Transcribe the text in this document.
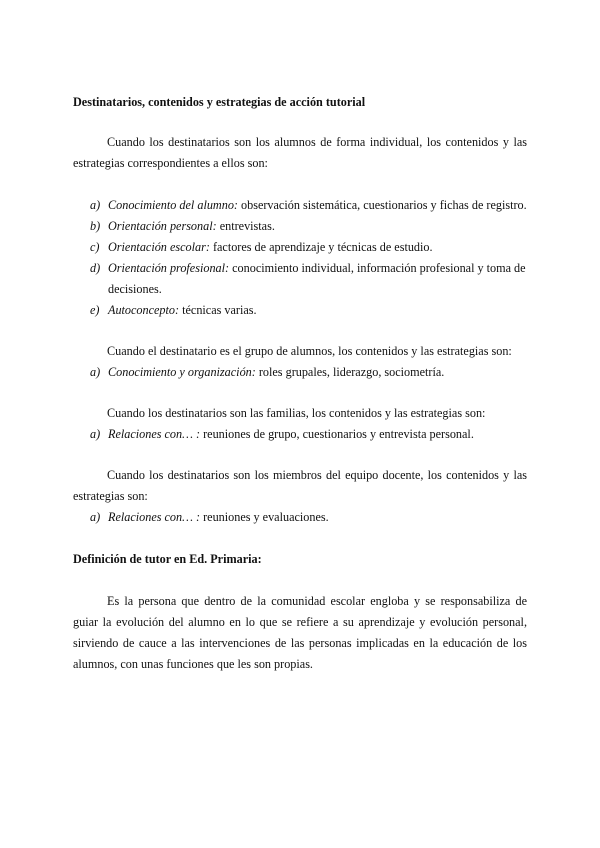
Destinatarios, contenidos y estrategias de acción tutorial

Cuando los destinatarios son los alumnos de forma individual, los contenidos y las estrategias correspondientes a ellos son:

a) Conocimiento del alumno: observación sistemática, cuestionarios y fichas de registro.
b) Orientación personal: entrevistas.
c) Orientación escolar: factores de aprendizaje y técnicas de estudio.
d) Orientación profesional: conocimiento individual, información profesional y toma de decisiones.
e) Autoconcepto: técnicas varias.
Cuando el destinatario es el grupo de alumnos, los contenidos y las estrategias son:
a) Conocimiento y organización: roles grupales, liderazgo, sociometría.
Cuando los destinatarios son las familias, los contenidos y las estrategias son:
a) Relaciones con… : reuniones de grupo, cuestionarios y entrevista personal.

Cuando los destinatarios son los miembros del equipo docente, los contenidos y las estrategias son:

a) Relaciones con… : reuniones y evaluaciones.
Definición de tutor en Ed. Primaria:

Es la persona que dentro de la comunidad escolar engloba y se responsabiliza de guiar la evolución del alumno en lo que se refiere a su aprendizaje y evolución personal, sirviendo de cauce a las intervenciones de las personas implicadas en la educación de los alumnos, con unas funciones que les son propias.
